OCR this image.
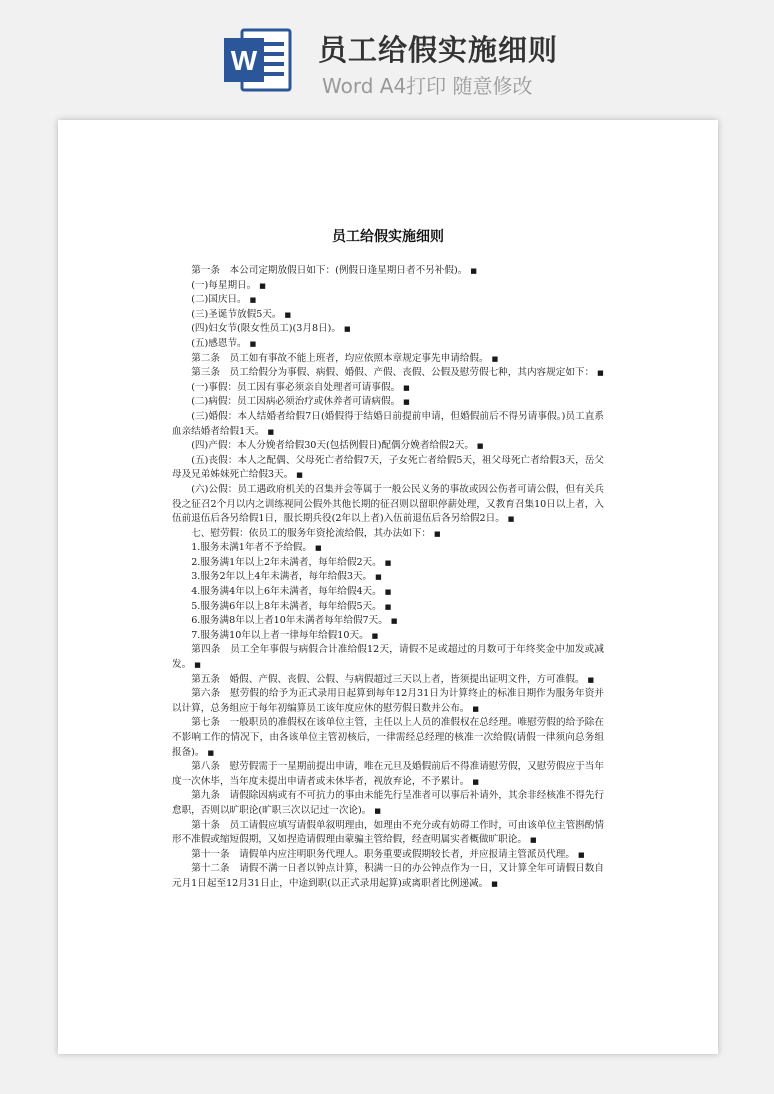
W 员工给假实施细则
Word A4打印 随意修改
员工给假实施细则

第一条　本公司定期放假日如下：(例假日逢星期日者不另补假)。 ■

(一)每星期日。 ■

(二)国庆日。 ■

(三)圣诞节放假5天。 ■

(四)妇女节(限女性员工)(3月8日)。 ■

(五)感恩节。 ■

第二条　员工如有事故不能上班者，均应依照本章规定事先申请给假。 ■

第三条　员工给假分为事假、病假、婚假、产假、丧假、公假及慰劳假七种，其内容规定如下： ■

(一)事假：员工因有事必须亲自处理者可请事假。 ■

(二)病假：员工因病必须治疗或休养者可请病假。 ■

(三)婚假：本人结婚者给假7日(婚假得于结婚日前提前申请，但婚假前后不得另请事假。)员工直系血亲结婚者给假1天。 ■

(四)产假：本人分娩者给假30天(包括例假日)配偶分娩者给假2天。 ■

(五)丧假：本人之配偶、父母死亡者给假7天，子女死亡者给假5天，祖父母死亡者给假3天，岳父母及兄弟姊妹死亡给假3天。 ■

(六)公假：员工遇政府机关的召集并会等属于一般公民义务的事故或因公伤者可请公假，但有关兵役之征召2个月以内之训练视同公假外其他长期的征召则以留职停薪处理，又教育召集10日以上者，入伍前退伍后各另给假1日，服长期兵役(2年以上者)入伍前退伍后各另给假2日。 ■

七、慰劳假：依员工的服务年资抡流给假，其办法如下： ■

1.服务未满1年者不予给假。 ■

2.服务满1年以上2年未满者，每年给假2天。 ■

3.服务2年以上4年未满者，每年给假3天。 ■

4.服务满4年以上6年未满者，每年给假4天。 ■

5.服务满6年以上8年未满者，每年给假5天。 ■

6.服务满8年以上者10年未满者每年给假7天。 ■

7.服务满10年以上者一律每年给假10天。 ■

第四条　员工全年事假与病假合计准给假12天，请假不足或超过的月数可于年终奖金中加发或减发。 ■

第五条　婚假、产假、丧假、公假、与病假超过三天以上者，皆须提出证明文件，方可准假。 ■

第六条　慰劳假的给予为正式录用日起算到每年12月31日为计算终止的标准日期作为服务年资并以计算，总务组应于每年初编算员工该年度应休的慰劳假日数并公布。 ■

第七条　一般职员的准假权在该单位主管，主任以上人员的准假权在总经理。唯慰劳假的给予除在不影响工作的情况下，由各该单位主管初核后，一律需经总经理的核准一次给假(请假一律须向总务组报备)。 ■

第八条　慰劳假需于一星期前提出申请，唯在元旦及婚假前后不得准请慰劳假，又慰劳假应于当年度一次休毕，当年度未提出申请者或未休毕者，视放弃论，不予累计。 ■

第九条　请假除因病或有不可抗力的事由未能先行呈准者可以事后补请外，其余非经核准不得先行怠职，否则以旷职论(旷职三次以记过一次论)。 ■

第十条　员工请假应填写请假单叙明理由，如理由不充分或有妨碍工作时，可由该单位主管斟酌情形不准假或缩短假期，又如捏造请假理由蒙骗主管给假，经查明属实者概做旷职论。 ■

第十一条　请假单内应注明职务代理人。职务重要或假期较长者，并应报请主管派员代理。 ■

第十二条　请假不满一日者以钟点计算，积满一日的办公钟点作为一日，又计算全年可请假日数自元月1日起至12月31日止，中途到职(以正式录用起算)或离职者比例递减。 ■
